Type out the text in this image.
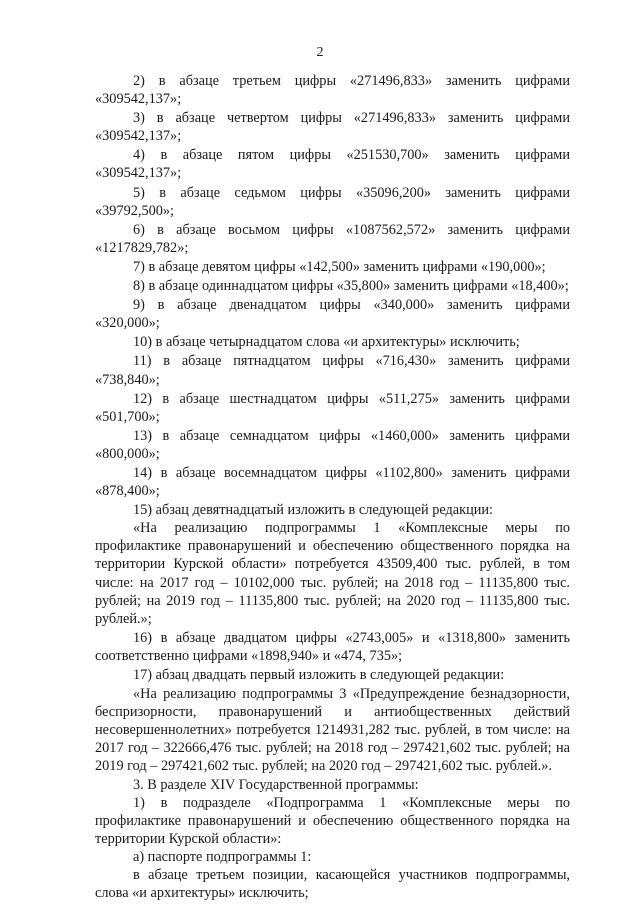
2

2) в абзаце третьем цифры «271496,833» заменить цифрами «309542,137»;

3) в абзаце четвертом цифры «271496,833» заменить цифрами «309542,137»;

4) в абзаце пятом цифры «251530,700» заменить цифрами «309542,137»;

5) в абзаце седьмом цифры «35096,200» заменить цифрами «39792,500»;

6) в абзаце восьмом цифры «1087562,572» заменить цифрами «1217829,782»;

7) в абзаце девятом цифры «142,500» заменить цифрами «190,000»;

8) в абзаце одиннадцатом цифры «35,800» заменить цифрами «18,400»;

9) в абзаце двенадцатом цифры «340,000» заменить цифрами «320,000»;

10) в абзаце четырнадцатом слова «и архитектуры» исключить;

11) в абзаце пятнадцатом цифры «716,430» заменить цифрами «738,840»;

12) в абзаце шестнадцатом цифры «511,275» заменить цифрами «501,700»;

13) в абзаце семнадцатом цифры «1460,000» заменить цифрами «800,000»;

14) в абзаце восемнадцатом цифры «1102,800» заменить цифрами «878,400»;

15) абзац девятнадцатый изложить в следующей редакции:

«На реализацию подпрограммы 1 «Комплексные меры по профилактике правонарушений и обеспечению общественного порядка на территории Курской области» потребуется 43509,400 тыс. рублей, в том числе: на 2017 год – 10102,000 тыс. рублей; на 2018 год – 11135,800 тыс. рублей; на 2019 год – 11135,800 тыс. рублей; на 2020 год – 11135,800 тыс. рублей.»;

16) в абзаце двадцатом цифры «2743,005» и «1318,800» заменить соответственно цифрами «1898,940» и «474, 735»;

17) абзац двадцать первый изложить в следующей редакции:

«На реализацию подпрограммы 3 «Предупреждение безнадзорности, беспризорности, правонарушений и антиобщественных действий несовершеннолетних» потребуется 1214931,282 тыс. рублей, в том числе: на 2017 год – 322666,476 тыс. рублей; на 2018 год – 297421,602 тыс. рублей; на 2019 год – 297421,602 тыс. рублей; на 2020 год – 297421,602 тыс. рублей.».

3. В разделе XIV Государственной программы:

1) в подразделе «Подпрограмма 1 «Комплексные меры по профилактике правонарушений и обеспечению общественного порядка на территории Курской области»:

а) паспорте подпрограммы 1:

в абзаце третьем позиции, касающейся участников подпрограммы, слова «и архитектуры» исключить;
